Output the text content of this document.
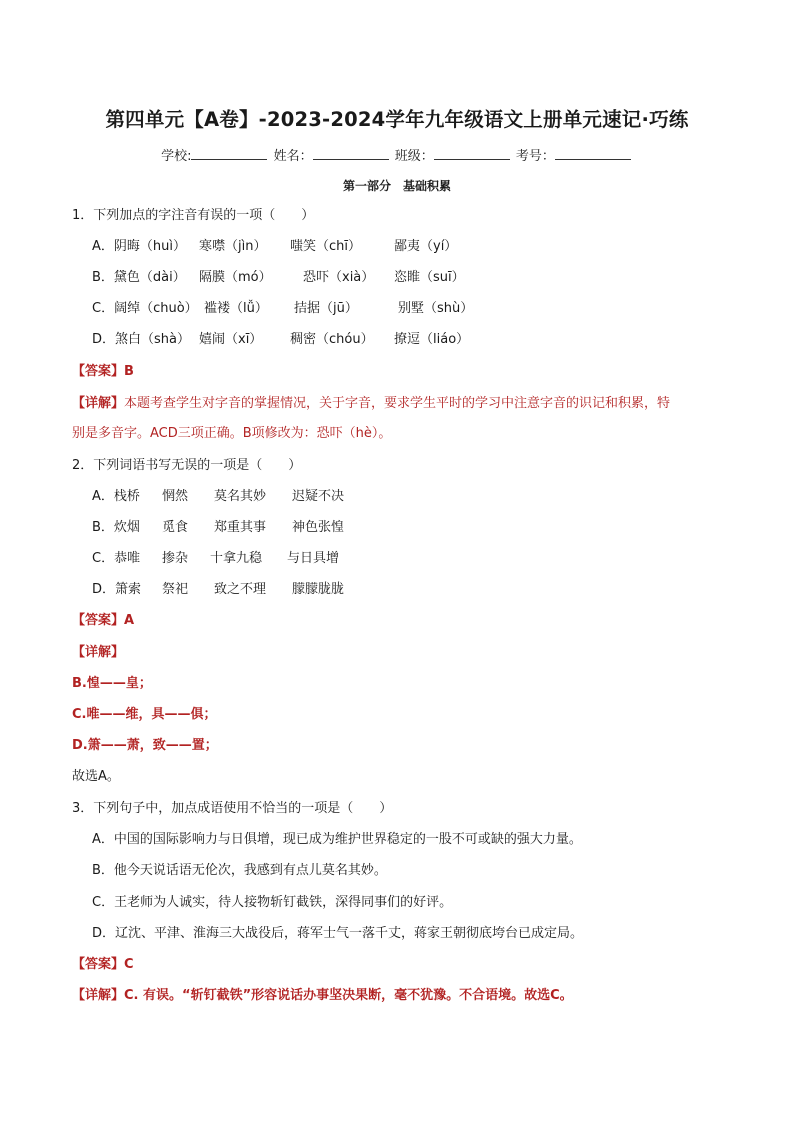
第四单元【A卷】-2023-2024学年九年级语文上册单元速记·巧练
学校:	姓名：	班级：	考号：
第一部分　基础积累
1．下列加点的字注音有误的一项（　　）
A．阴晦（huì） 寒噤（jìn） 嗤笑（chī）	鄙夷（yí）
B．黛色（dài） 隔膜（mó） 恐吓（xià） 恣睢（suī）
C．阔绰（chuò） 褴褛（lǚ） 拮据（jū）	别墅（shù）
D．煞白（shà） 嬉闹（xī） 稠密（chóu） 撩逗（liáo）
【答案】B
【详解】本题考查学生对字音的掌握情况，关于字音，要求学生平时的学习中注意字音的识记和积累，特
别是多音字。ACD三项正确。B项修改为：恐吓（hè）。
2．下列词语书写无误的一项是（　　）
A．栈桥 惘然 莫名其妙 迟疑不决
B．炊烟 觅食 郑重其事 神色张惶
C．恭唯 掺杂 十拿九稳 与日具增
D．箫索 祭祀 致之不理 朦朦胧胧
【答案】A
【详解】
B.惶——皇；
C.唯——维，具——俱；
D.箫——萧，致——置；
故选A。
3．下列句子中，加点成语使用不恰当的一项是（　　）
A．中国的国际影响力与日俱增，现已成为维护世界稳定的一股不可或缺的强大力量。
B．他今天说话语无伦次，我感到有点儿莫名其妙。
C．王老师为人诚实，待人接物斩钉截铁，深得同事们的好评。
D．辽沈、平津、淮海三大战役后，蒋军士气一落千丈，蒋家王朝彻底垮台已成定局。
【答案】C
【详解】C. 有误。“斩钉截铁”形容说话办事坚决果断，毫不犹豫。不合语境。故选C。
